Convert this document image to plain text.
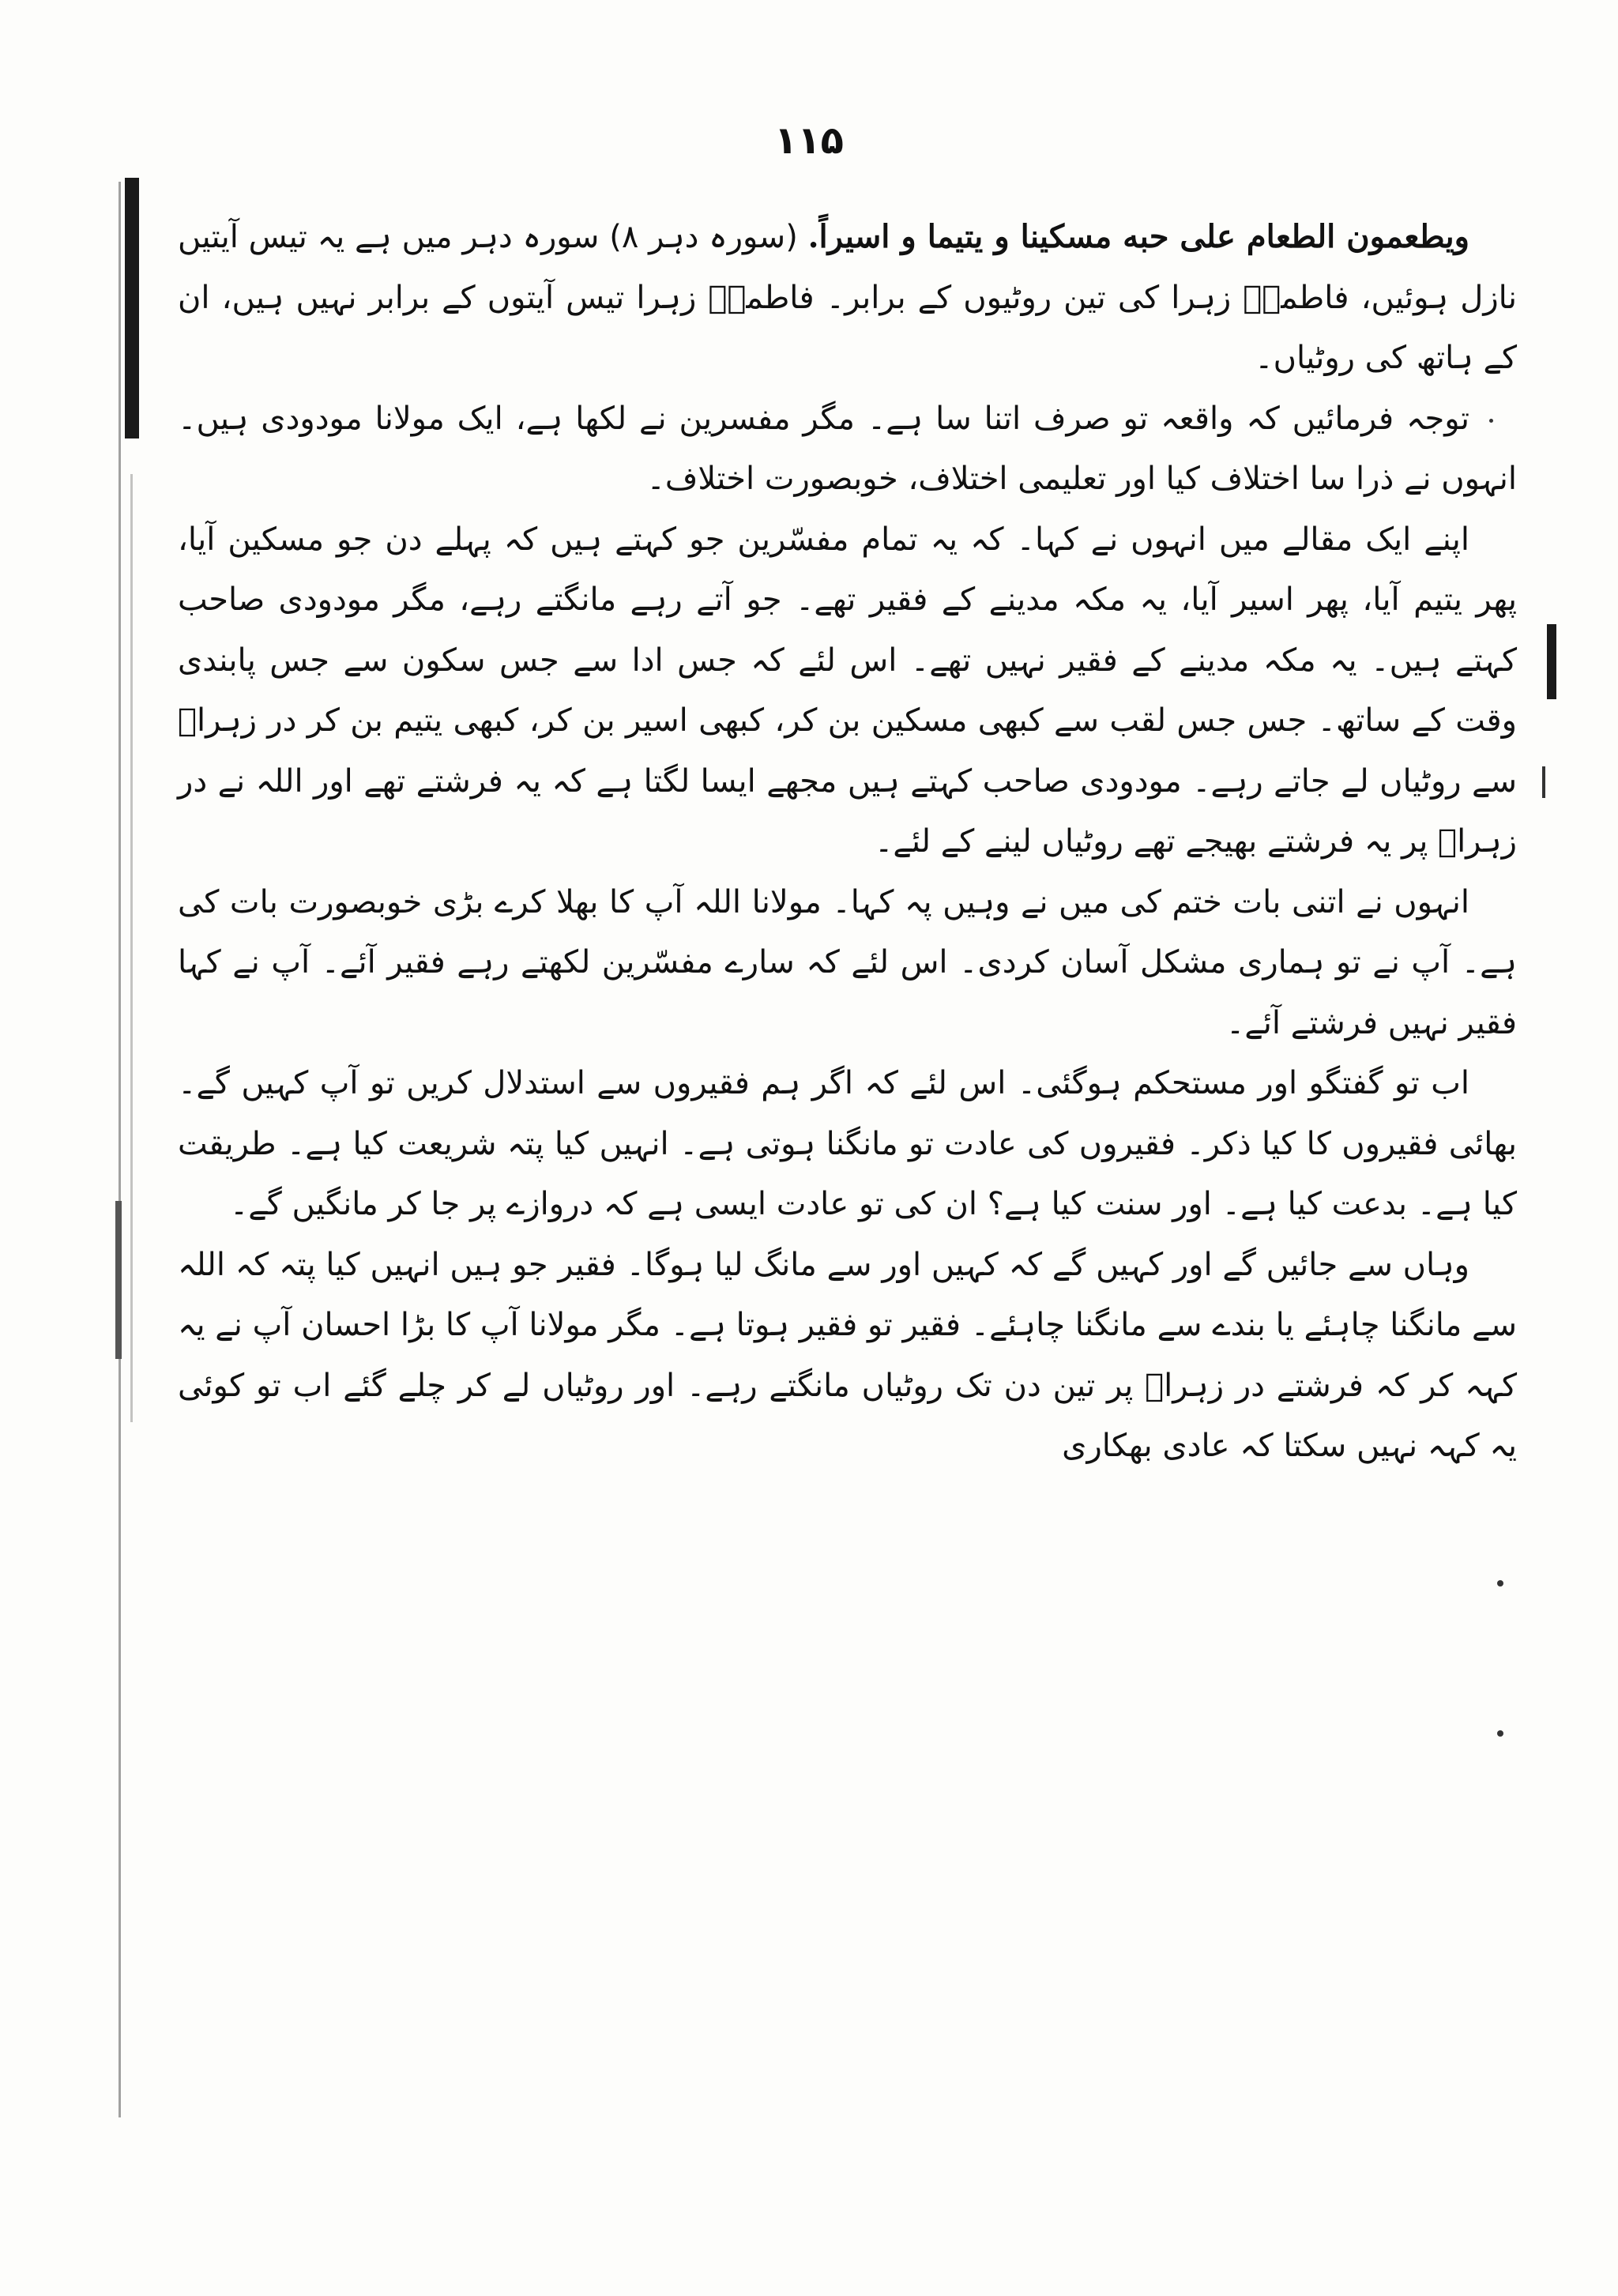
۱۱۵

ویطعمون الطعام علی حبه مسکینا و یتیما و اسیراً. (سورہ دہر ۸) سورہ دہر میں ہے یہ تیس آیتیں نازل ہوئیں، فاطمہؑ زہرا کی تین روٹیوں کے برابر۔ فاطمہؑ زہرا تیس آیتوں کے برابر نہیں ہیں، ان کے ہاتھ کی روٹیاں۔

توجہ فرمائیں کہ واقعہ تو صرف اتنا سا ہے۔ مگر مفسرین نے لکھا ہے، ایک مولانا مودودی ہیں۔ انہوں نے ذرا سا اختلاف کیا اور تعلیمی اختلاف، خوبصورت اختلاف۔

اپنے ایک مقالے میں انہوں نے کہا۔ کہ یہ تمام مفسّرین جو کہتے ہیں کہ پہلے دن جو مسکین آیا، پھر یتیم آیا، پھر اسیر آیا، یہ مکہ مدینے کے فقیر تھے۔ جو آتے رہے مانگتے رہے، مگر مودودی صاحب کہتے ہیں۔ یہ مکہ مدینے کے فقیر نہیں تھے۔ اس لئے کہ جس ادا سے جس سکون سے جس پابندی وقت کے ساتھ۔ جس جس لقب سے کبھی مسکین بن کر، کبھی اسیر بن کر، کبھی یتیم بن کر در زہراؑ سے روٹیاں لے جاتے رہے۔ مودودی صاحب کہتے ہیں مجھے ایسا لگتا ہے کہ یہ فرشتے تھے اور اللہ نے در زہراؑ پر یہ فرشتے بھیجے تھے روٹیاں لینے کے لئے۔

انہوں نے اتنی بات ختم کی میں نے وہیں پہ کہا۔ مولانا اللہ آپ کا بھلا کرے بڑی خوبصورت بات کی ہے۔ آپ نے تو ہماری مشکل آسان کردی۔ اس لئے کہ سارے مفسّرین لکھتے رہے فقیر آئے۔ آپ نے کہا فقیر نہیں فرشتے آئے۔

اب تو گفتگو اور مستحکم ہوگئی۔ اس لئے کہ اگر ہم فقیروں سے استدلال کریں تو آپ کہیں گے۔ بھائی فقیروں کا کیا ذکر۔ فقیروں کی عادت تو مانگنا ہوتی ہے۔ انہیں کیا پتہ شریعت کیا ہے۔ طریقت کیا ہے۔ بدعت کیا ہے۔ اور سنت کیا ہے؟ ان کی تو عادت ایسی ہے کہ دروازے پر جا کر مانگیں گے۔

وہاں سے جائیں گے اور کہیں گے کہ کہیں اور سے مانگ لیا ہوگا۔ فقیر جو ہیں انہیں کیا پتہ کہ اللہ سے مانگنا چاہئے یا بندے سے مانگنا چاہئے۔ فقیر تو فقیر ہوتا ہے۔ مگر مولانا آپ کا بڑا احسان آپ نے یہ کہہ کر کہ فرشتے در زہراؑ پر تین دن تک روٹیاں مانگتے رہے۔ اور روٹیاں لے کر چلے گئے اب تو کوئی یہ کہہ نہیں سکتا کہ عادی بھکاری
